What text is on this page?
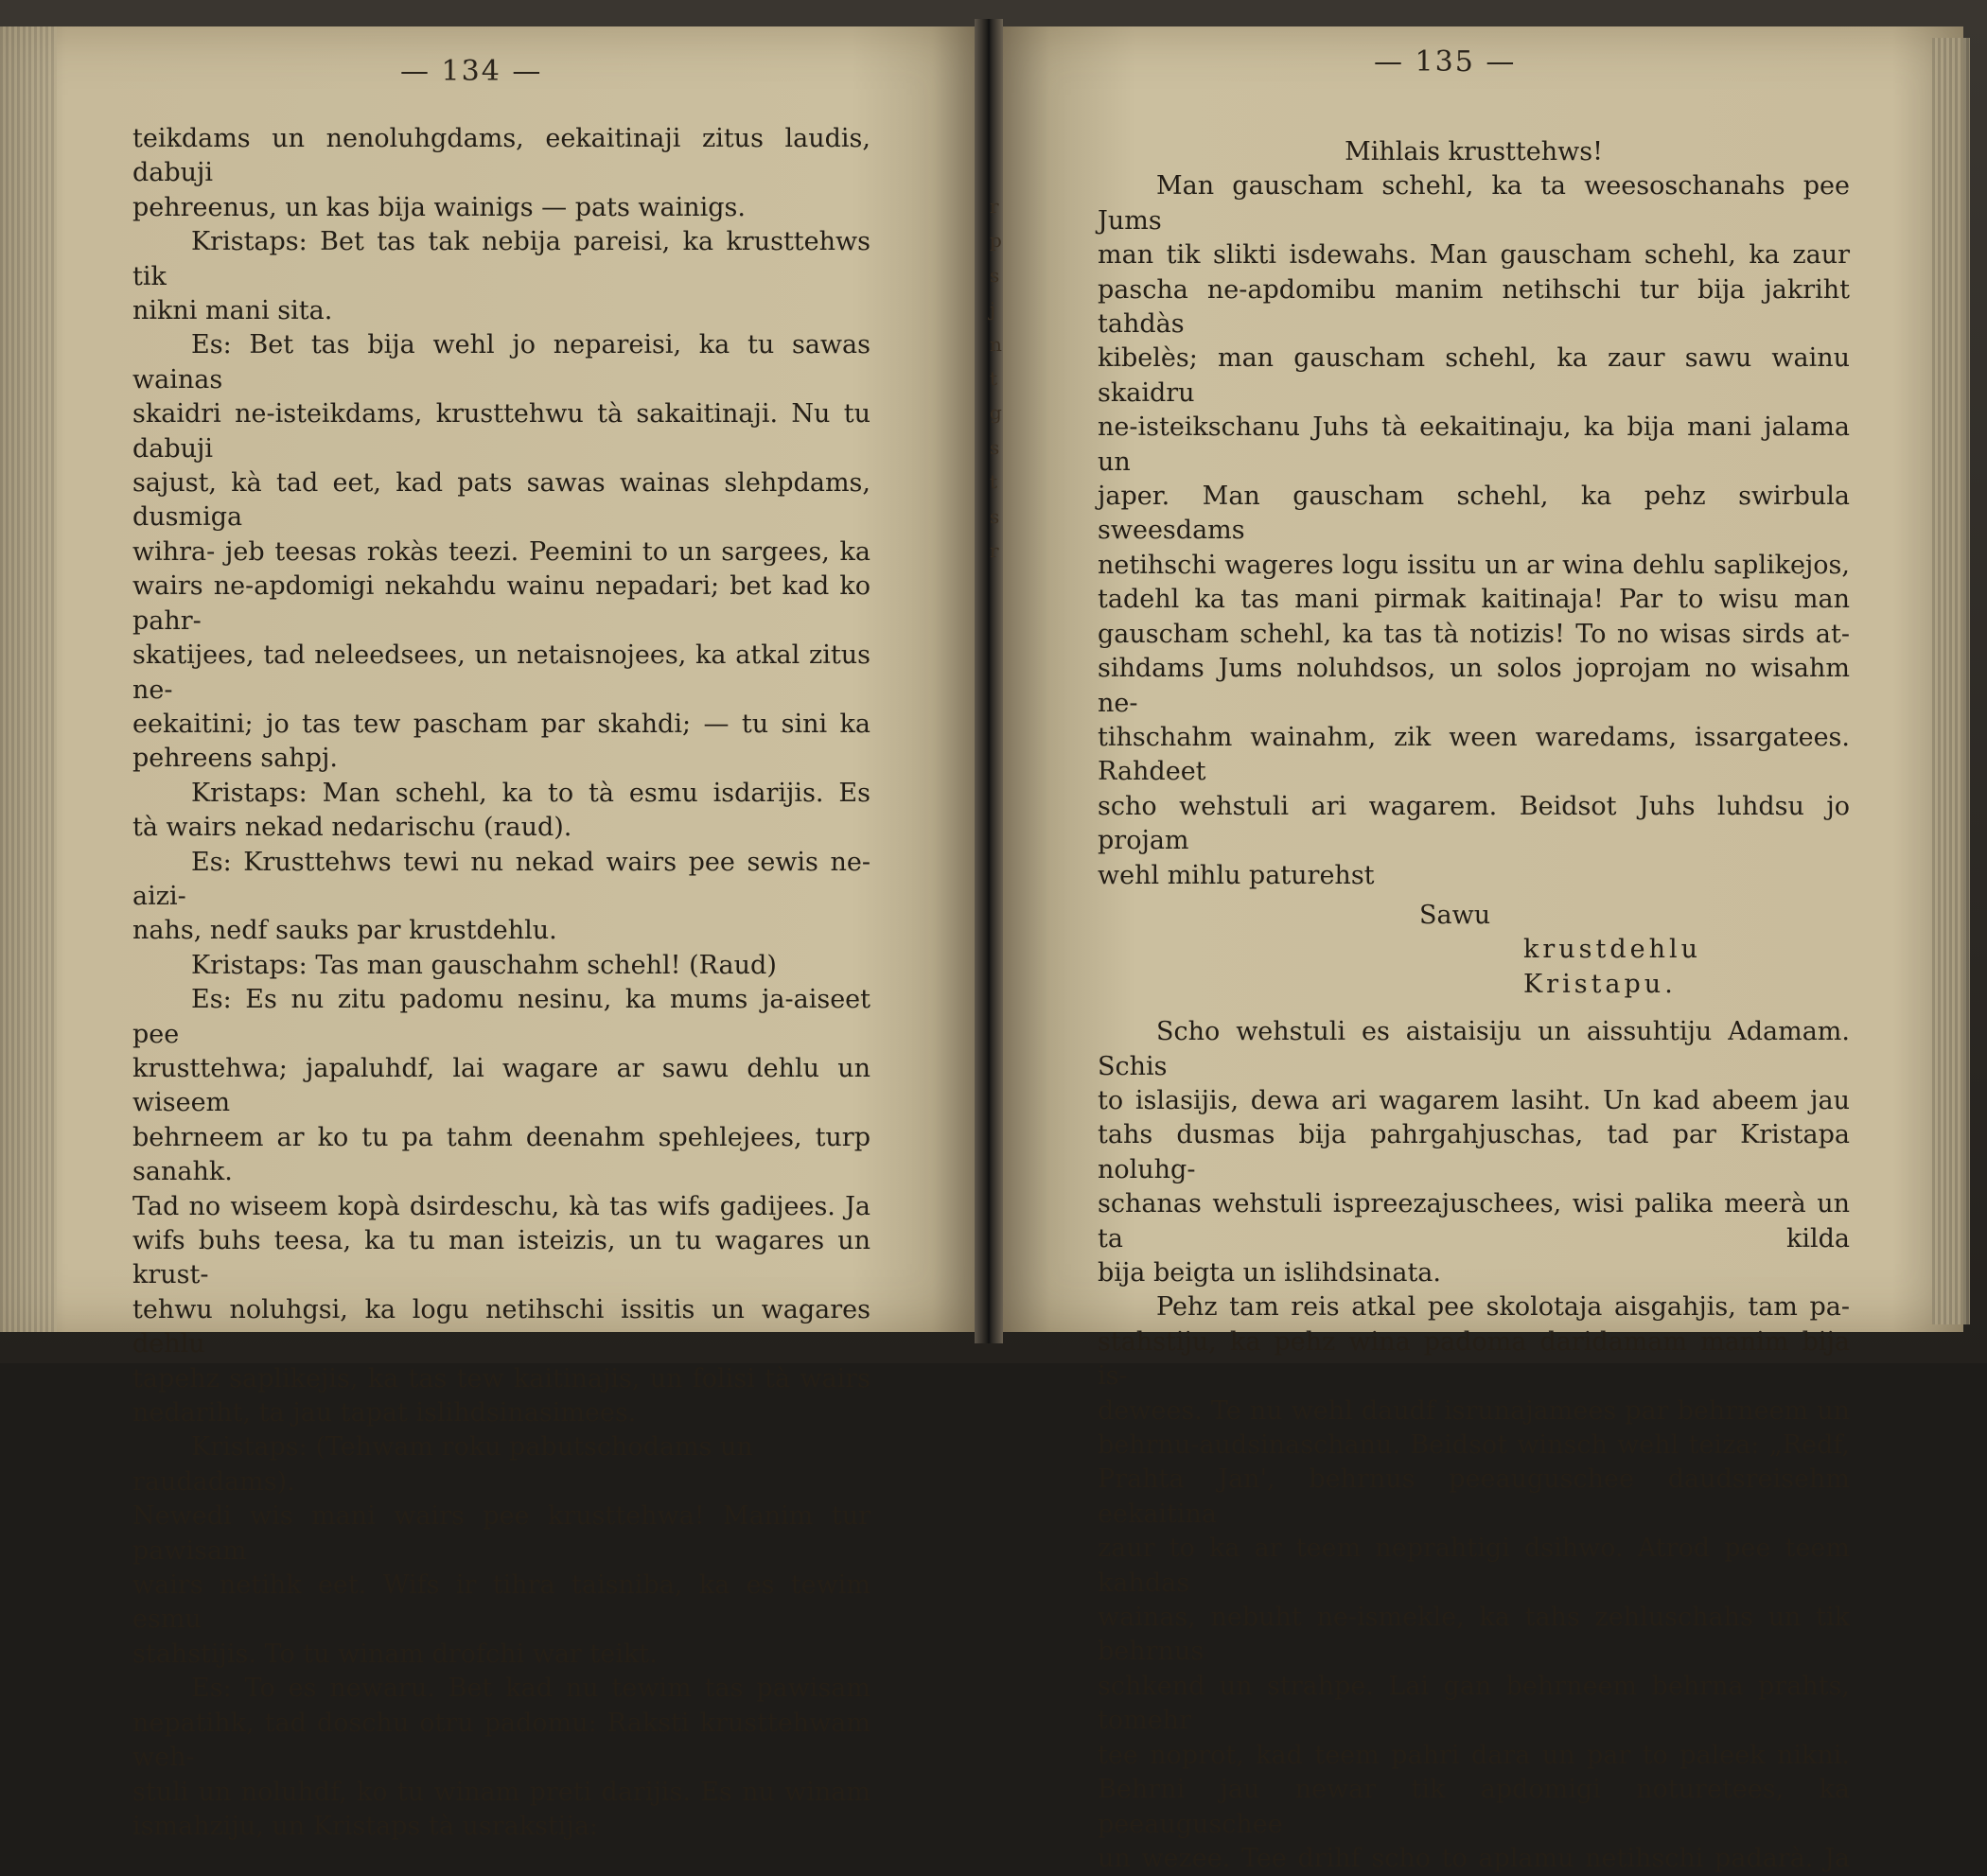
— 134 —

teikdams un nenoluhgdams, eekaitinaji zitus laudis, dabuji

pehreenus, un kas bija wainigs — pats wainigs.

Kristaps: Bet tas tak nebija pareisi, ka krusttehws tik

nikni mani sita.

Es: Bet tas bija wehl jo nepareisi, ka tu sawas wainas

skaidri ne-isteikdams, krusttehwu tà sakaitinaji. Nu tu dabuji

sajust, kà tad eet, kad pats sawas wainas slehpdams, dusmiga

wihra- jeb teesas rokàs teezi. Peemini to un sargees, ka

wairs ne-apdomigi nekahdu wainu nepadari; bet kad ko pahr-

skatijees, tad neleedsees, un netaisnojees, ka atkal zitus ne-

eekaitini; jo tas tew pascham par skahdi; — tu sini ka

pehreens sahpj.

Kristaps: Man schehl, ka to tà esmu isdarijis. Es

tà wairs nekad nedarischu (raud).

Es: Krusttehws tewi nu nekad wairs pee sewis ne-aizi-

nahs, nedf sauks par krustdehlu.

Kristaps: Tas man gauschahm schehl! (Raud)

Es: Es nu zitu padomu nesinu, ka mums ja-aiseet pee

krusttehwa; japaluhdf, lai wagare ar sawu dehlu un wiseem

behrneem ar ko tu pa tahm deenahm spehlejees, turp sanahk.

Tad no wiseem kopà dsirdeschu, kà tas wifs gadijees. Ja

wifs buhs teesa, ka tu man isteizis, un tu wagares un krust-

tehwu noluhgsi, ka logu netihschi issitis un wagares dehlu

tapehz saplikejis, ka tas tew kaitinajis, un folisi tà wairs

nedariht, ta jau tapat islihdsinasimees.

Kristaps: (Tehwam roku pabutschodams un raudadams).

Newedi wis mani wairs pee krusttehwa! Manim tur pawisam

wairs netihk eet. Wifs ir tihra taisniba, ka es tewim esmu

stahstijis. To tu winam drofchi war teikt.

Es: To es newaru. Bet kad nu tewim tas pawisam

nepatihk, tad doschu otru padomu: Raksti krusttehwam weh-

stuli un noluhdf, ko tu winam preti darijis. Es nu winam

ismahziju, un Kristaps tà usrakstija:

r
p
s
j
n
t
g
s
t
s
r
— 135 —

Mihlais krusttehws!

Man gauscham schehl, ka ta weesoschanahs pee Jums

man tik slikti isdewahs. Man gauscham schehl, ka zaur

pascha ne-apdomibu manim netihschi tur bija jakriht tahdàs

kibelès; man gauscham schehl, ka zaur sawu wainu skaidru

ne-isteikschanu Juhs tà eekaitinaju, ka bija mani jalama un

japer. Man gauscham schehl, ka pehz swirbula sweesdams

netihschi wageres logu issitu un ar wina dehlu saplikejos,

tadehl ka tas mani pirmak kaitinaja! Par to wisu man

gauscham schehl, ka tas tà notizis! To no wisas sirds at-

sihdams Jums noluhdsos, un solos joprojam no wisahm ne-

tihschahm wainahm, zik ween waredams, issargatees. Rahdeet

scho wehstuli ari wagarem. Beidsot Juhs luhdsu jo projam

wehl mihlu paturehst

Sawu

krustdehlu Kristapu.

Scho wehstuli es aistaisiju un aissuhtiju Adamam. Schis

to islasijis, dewa ari wagarem lasiht. Un kad abeem jau

tahs dusmas bija pahrgahjuschas, tad par Kristapa noluhg-

schanas wehstuli ispreezajuschees, wisi palika meerà un ta kilda

bija beigta un islihdsinata.

Pehz tam reis atkal pee skolotaja aisgahjis, tam pa-

stahstiju, ka pehz wina padoma daridamam manim bija is-

dewees. Te nu wehl daudf isrunajamees par behrneem un

behrnu-audsinaschanu. Beidsot winsch wehl teiza: „Redf,

Prahta Jan', behrnus peeauguschee daudsreisehm eekaitina

zaur to ka ar teem neprahtigi dsihwo. Atrod pee teem kahdas

wainas, nebuht ne-ismekle, ka tahs zehluschahs un tik behrnus

schkend un strahpe. Lai gan behrneem behrna prahts, tomehr

tee noprot, kad teem pahri dara un par to paleek nikni.

Behrni jau newar tik apdomigi noturetees, ka peeauguschee

un wezee. Tee drihf scho to aplamu netihschi padarà. Ja
